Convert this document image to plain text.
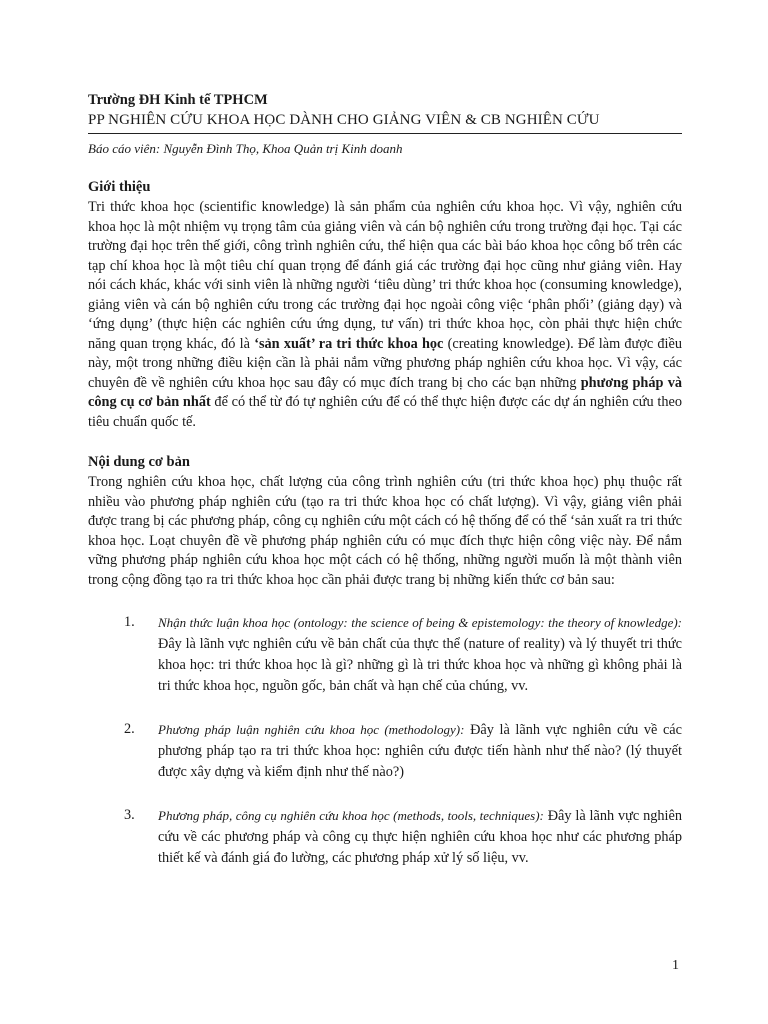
Trường ĐH Kinh tế TPHCM
PP NGHIÊN CỨU KHOA HỌC DÀNH CHO GIẢNG VIÊN & CB NGHIÊN CỨU
Báo cáo viên: Nguyễn Đình Thọ, Khoa Quản trị Kinh doanh
Giới thiệu

Tri thức khoa học (scientific knowledge) là sản phẩm của nghiên cứu khoa học. Vì vậy, nghiên cứu khoa học là một nhiệm vụ trọng tâm của giảng viên và cán bộ nghiên cứu trong trường đại học. Tại các trường đại học trên thế giới, công trình nghiên cứu, thể hiện qua các bài báo khoa học công bố trên các tạp chí khoa học là một tiêu chí quan trọng để đánh giá các trường đại học cũng như giảng viên. Hay nói cách khác, khác với sinh viên là những người ‘tiêu dùng’ tri thức khoa học (consuming knowledge), giảng viên và cán bộ nghiên cứu trong các trường đại học ngoài công việc ‘phân phối’ (giảng dạy) và ‘ứng dụng’ (thực hiện các nghiên cứu ứng dụng, tư vấn) tri thức khoa học, còn phải thực hiện chức năng quan trọng khác, đó là ‘sản xuất’ ra tri thức khoa học (creating knowledge). Để làm được điều này, một trong những điều kiện cần là phải nắm vững phương pháp nghiên cứu khoa học. Vì vậy, các chuyên đề về nghiên cứu khoa học sau đây có mục đích trang bị cho các bạn những phương pháp và công cụ cơ bản nhất để có thể từ đó tự nghiên cứu để có thể thực hiện được các dự án nghiên cứu theo tiêu chuẩn quốc tế.

Nội dung cơ bản

Trong nghiên cứu khoa học, chất lượng của công trình nghiên cứu (tri thức khoa học) phụ thuộc rất nhiều vào phương pháp nghiên cứu (tạo ra tri thức khoa học có chất lượng). Vì vậy, giảng viên phải được trang bị các phương pháp, công cụ nghiên cứu một cách có hệ thống để có thể ‘sản xuất ra tri thức khoa học. Loạt chuyên đề về phương pháp nghiên cứu có mục đích thực hiện công việc này. Để nắm vững phương pháp nghiên cứu khoa học một cách có hệ thống, những người muốn là một thành viên trong cộng đồng tạo ra tri thức khoa học cần phải được trang bị những kiến thức cơ bản sau:

1.	Nhận thức luận khoa học (ontology: the science of being & epistemology: the theory of knowledge): Đây là lãnh vực nghiên cứu về bản chất của thực thể (nature of reality) và lý thuyết tri thức khoa học: tri thức khoa học là gì? những gì là tri thức khoa học và những gì không phải là tri thức khoa học, nguồn gốc, bản chất và hạn chế của chúng, vv.
2.	Phương pháp luận nghiên cứu khoa học (methodology): Đây là lãnh vực nghiên cứu về các phương pháp tạo ra tri thức khoa học: nghiên cứu được tiến hành như thế nào? (lý thuyết được xây dựng và kiểm định như thế nào?)
3.	Phương pháp, công cụ nghiên cứu khoa học (methods, tools, techniques): Đây là lãnh vực nghiên cứu về các phương pháp và công cụ thực hiện nghiên cứu khoa học như các phương pháp thiết kế và đánh giá đo lường, các phương pháp xử lý số liệu, vv.
1
